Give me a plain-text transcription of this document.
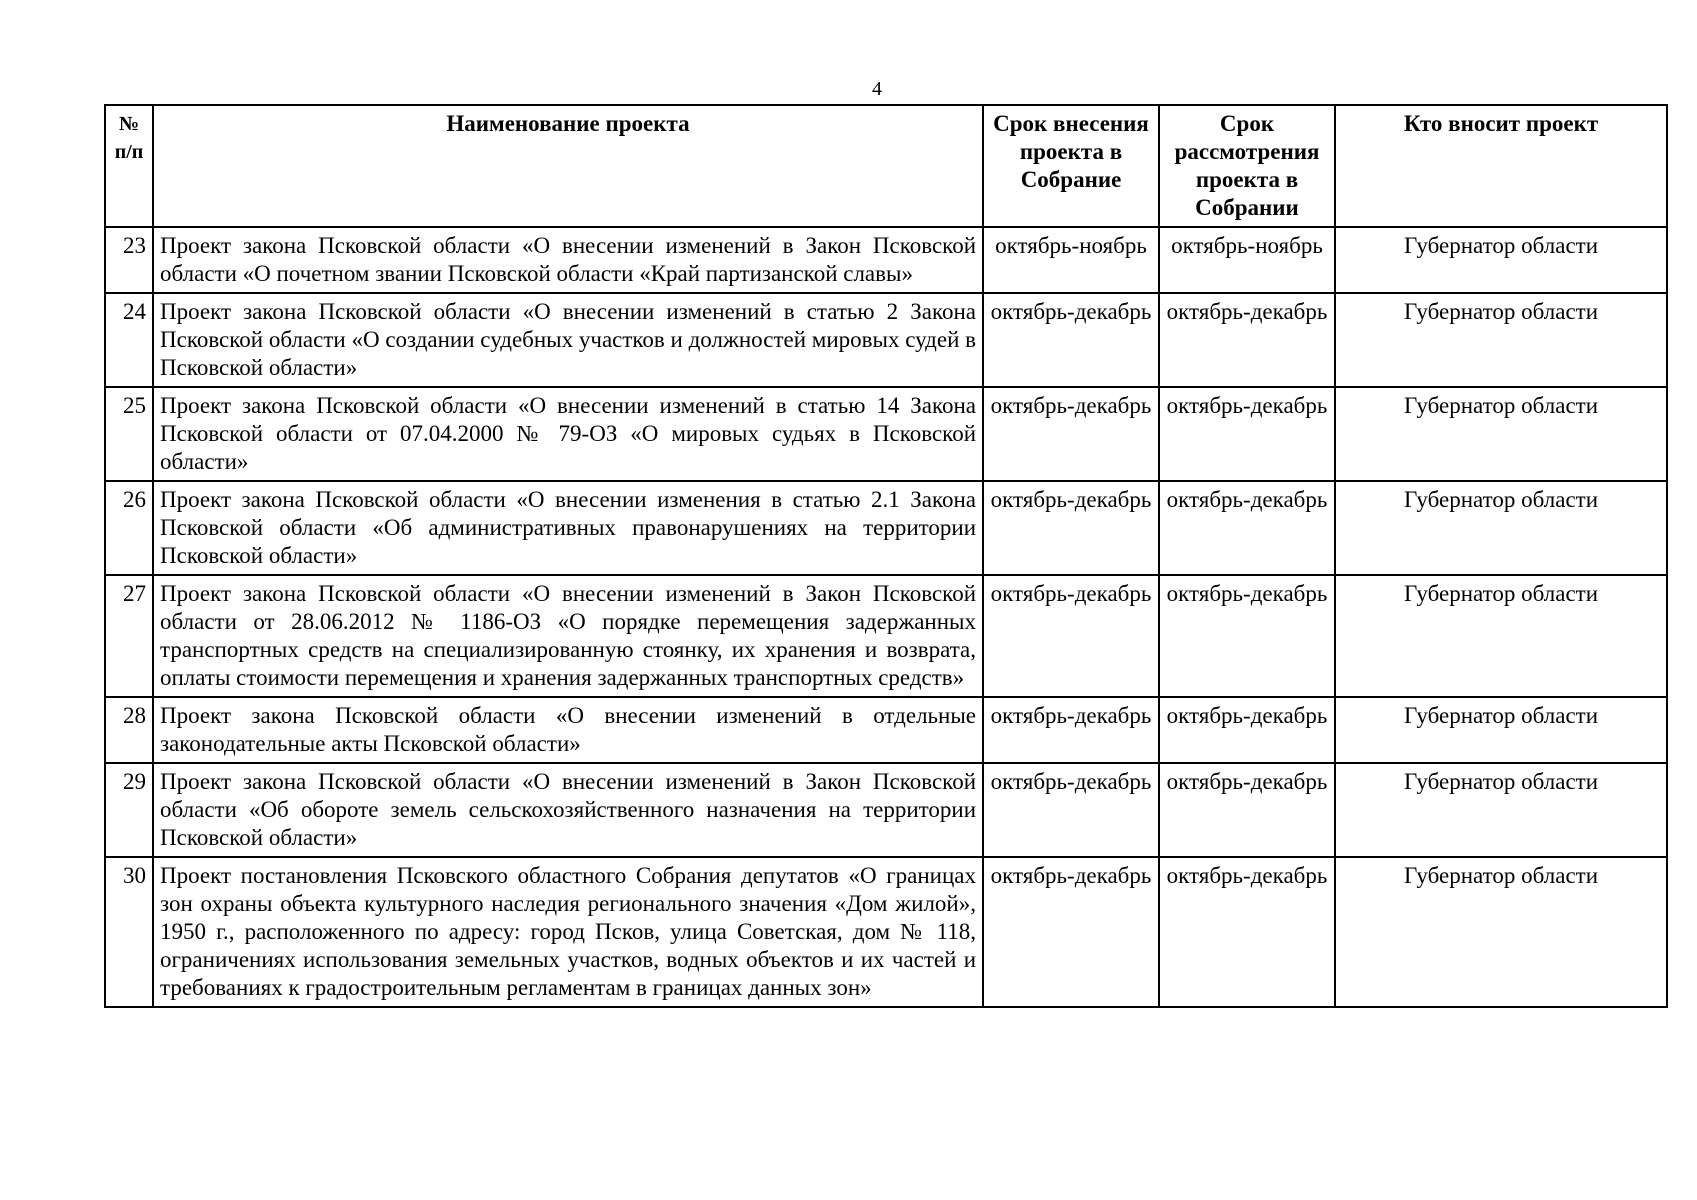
4
№ п/п	Наименование проекта	Срок внесения проекта в Собрание	Срок рассмотрения проекта в Собрании	Кто вносит проект
23	Проект закона Псковской области «О внесении изменений в Закон Псковской области «О почетном звании Псковской области «Край партизанской славы»	октябрь-ноябрь	октябрь-ноябрь	Губернатор области
24	Проект закона Псковской области «О внесении изменений в статью 2 Закона Псковской области «О создании судебных участков и должностей мировых судей в Псковской области»	октябрь-декабрь	октябрь-декабрь	Губернатор области
25	Проект закона Псковской области «О внесении изменений в статью 14 Закона Псковской области от 07.04.2000 № 79-ОЗ «О мировых судьях в Псковской области»	октябрь-декабрь	октябрь-декабрь	Губернатор области
26	Проект закона Псковской области «О внесении изменения в статью 2.1 Закона Псковской области «Об административных правонарушениях на территории Псковской области»	октябрь-декабрь	октябрь-декабрь	Губернатор области
27	Проект закона Псковской области «О внесении изменений в Закон Псковской области от 28.06.2012 № 1186-ОЗ «О порядке перемещения задержанных транспортных средств на специализированную стоянку, их хранения и возврата, оплаты стоимости перемещения и хранения задержанных транспортных средств»	октябрь-декабрь	октябрь-декабрь	Губернатор области
28	Проект закона Псковской области «О внесении изменений в отдельные законодательные акты Псковской области»	октябрь-декабрь	октябрь-декабрь	Губернатор области
29	Проект закона Псковской области «О внесении изменений в Закон Псковской области «Об обороте земель сельскохозяйственного назначения на территории Псковской области»	октябрь-декабрь	октябрь-декабрь	Губернатор области
30	Проект постановления Псковского областного Собрания депутатов «О границах зон охраны объекта культурного наследия регионального значения «Дом жилой», 1950 г., расположенного по адресу: город Псков, улица Советская, дом № 118, ограничениях использования земельных участков, водных объектов и их частей и требованиях к градостроительным регламентам в границах данных зон»	октябрь-декабрь	октябрь-декабрь	Губернатор области
